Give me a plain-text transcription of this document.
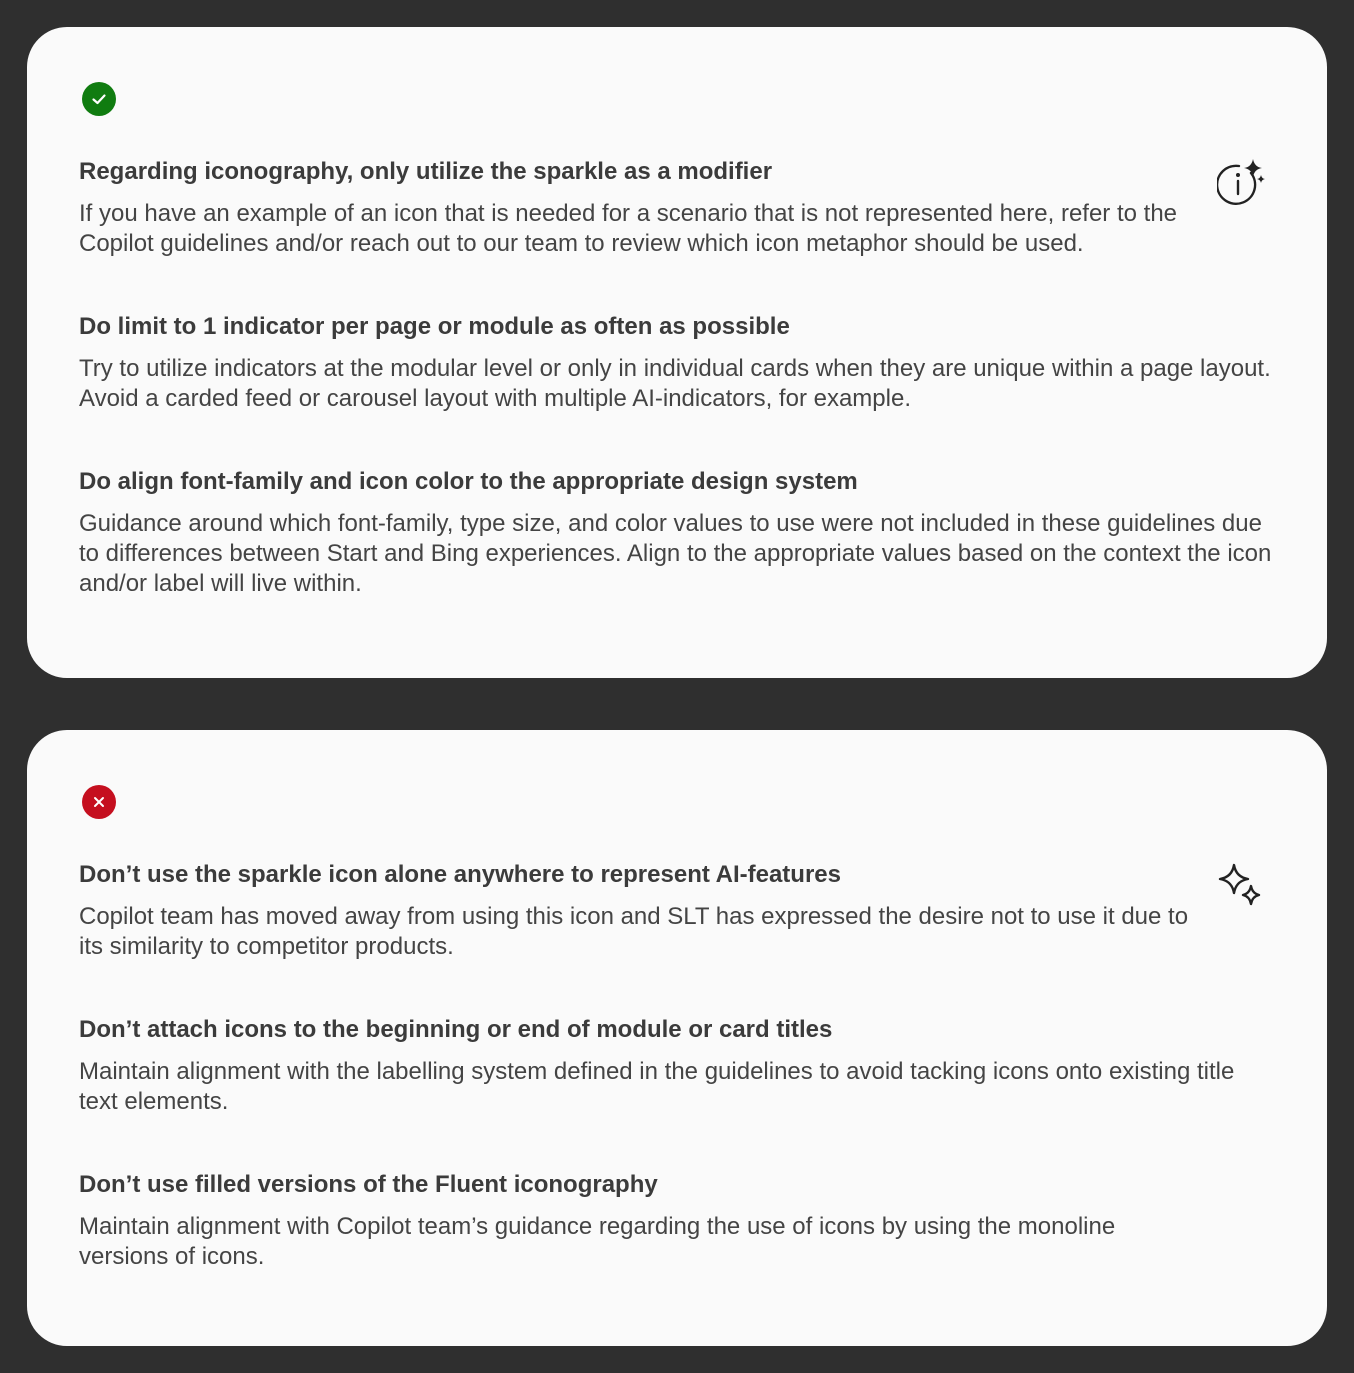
Regarding iconography, only utilize the sparkle as a modifier

If you have an example of an icon that is needed for a scenario that is not represented here, refer to the Copilot guidelines and/or reach out to our team to review which icon metaphor should be used.

Do limit to 1 indicator per page or module as often as possible

Try to utilize indicators at the modular level or only in individual cards when they are unique within a page layout. Avoid a carded feed or carousel layout with multiple AI-indicators, for example.

Do align font-family and icon color to the appropriate design system

Guidance around which font-family, type size, and color values to use were not included in these guidelines due to differences between Start and Bing experiences. Align to the appropriate values based on the context the icon and/or label will live within.

Don’t use the sparkle icon alone anywhere to represent AI-features

Copilot team has moved away from using this icon and SLT has expressed the desire not to use it due to its similarity to competitor products.

Don’t attach icons to the beginning or end of module or card titles

Maintain alignment with the labelling system defined in the guidelines to avoid tacking icons onto existing title text elements.

Don’t use filled versions of the Fluent iconography

Maintain alignment with Copilot team’s guidance regarding the use of icons by using the monoline versions of icons.
